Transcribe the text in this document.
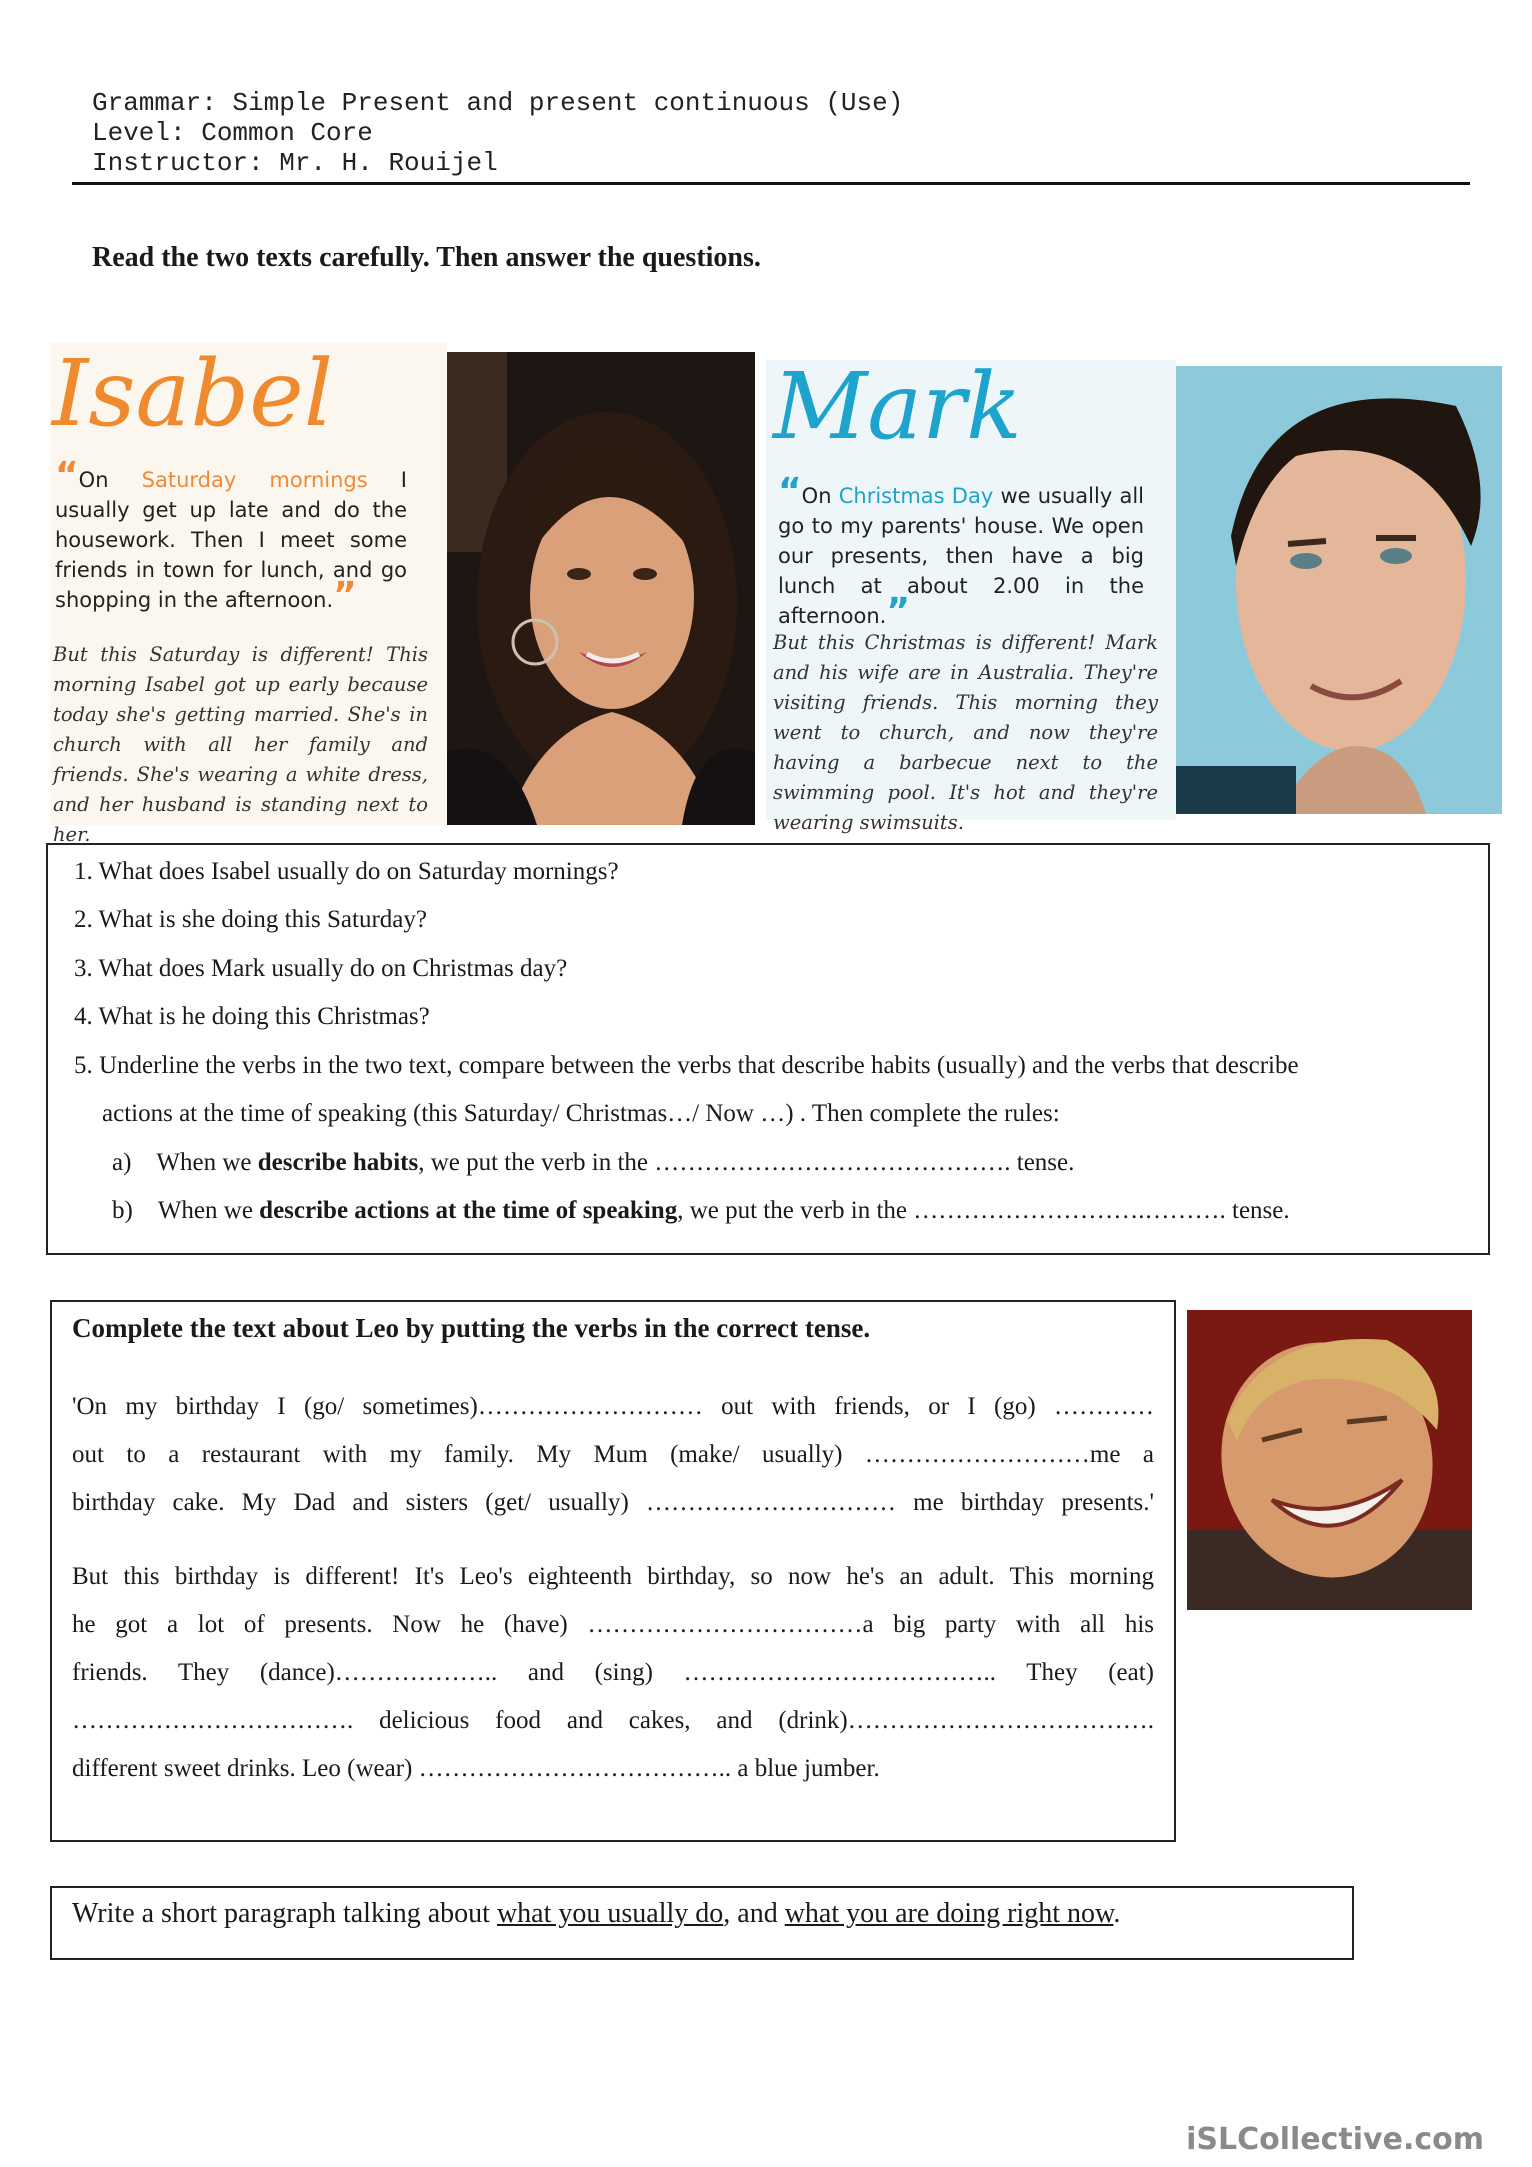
Grammar: Simple Present and present continuous (Use)
Level: Common Core
Instructor: Mr. H. Rouijel
Read the two texts carefully. Then answer the questions.
Isabel
“On Saturday mornings I usually get up late and do the housework. Then I meet some friends in town for lunch, and go shopping in the afternoon.”
But this Saturday is different! This morning Isabel got up early because today she's getting married. She's in church with all her family and friends. She's wearing a white dress, and her husband is standing next to her.
Mark
“On Christmas Day we usually all go to my parents' house. We open our presents, then have a big lunch at about 2.00 in the afternoon.”
But this Christmas is different! Mark and his wife are in Australia. They're visiting friends. This morning they went to church, and now they're having a barbecue next to the swimming pool. It's hot and they're wearing swimsuits.
1. What does Isabel usually do on Saturday mornings?
2. What is she doing this Saturday?
3. What does Mark usually do on Christmas day?
4. What is he doing this Christmas?
5. Underline the verbs in the two text, compare between the verbs that describe habits (usually) and the verbs that describe
actions at the time of speaking (this Saturday/ Christmas…/ Now …) . Then complete the rules:
a) When we describe habits, we put the verb in the ……………………………………. tense.
b) When we describe actions at the time of speaking, we put the verb in the ……………………….………. tense.
Complete the text about Leo by putting the verbs in the correct tense.
'On my birthday I (go/ sometimes)……………………… out with friends, or I (go) …………
out to a restaurant with my family. My Mum (make/ usually) ………………………me a
birthday cake. My Dad and sisters (get/ usually) ………………………… me birthday presents.'
But this birthday is different! It's Leo's eighteenth birthday, so now he's an adult. This morning
he got a lot of presents. Now he (have) ……………………………a big party with all his
friends. They (dance)……………….. and (sing) ……………………………….. They (eat)
……………………………. delicious food and cakes, and (drink)……………………………….
different sweet drinks. Leo (wear) ……………………………….. a blue jumber.
Write a short paragraph talking about what you usually do, and what you are doing right now.
iSLCollective.com
